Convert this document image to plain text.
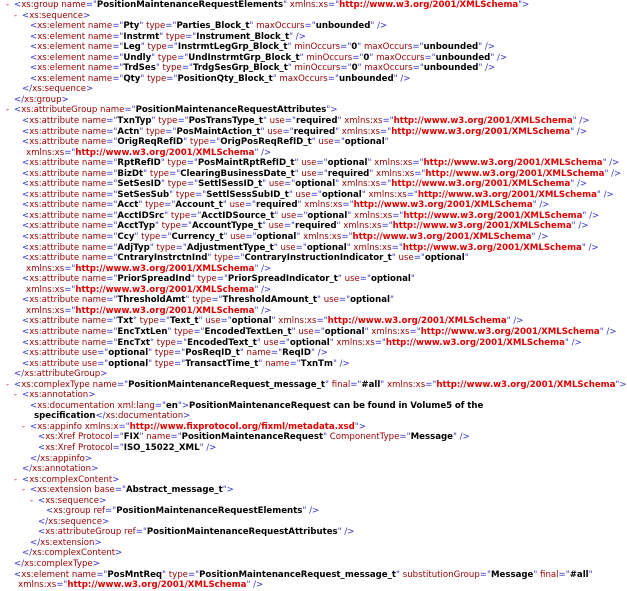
- <xs:group name="PositionMaintenanceRequestElements" xmlns:xs="http://www.w3.org/2001/XMLSchema">
- <xs:sequence>
<xs:element name="Pty" type="Parties_Block_t" maxOccurs="unbounded" />
<xs:element name="Instrmt" type="Instrument_Block_t" />
<xs:element name="Leg" type="InstrmtLegGrp_Block_t" minOccurs="0" maxOccurs="unbounded" />
<xs:element name="Undly" type="UndInstrmtGrp_Block_t" minOccurs="0" maxOccurs="unbounded" />
<xs:element name="TrdSes" type="TrdgSesGrp_Block_t" minOccurs="0" maxOccurs="unbounded" />
<xs:element name="Qty" type="PositionQty_Block_t" maxOccurs="unbounded" />
</xs:sequence>
</xs:group>
- <xs:attributeGroup name="PositionMaintenanceRequestAttributes">
<xs:attribute name="TxnTyp" type="PosTransType_t" use="required" xmlns:xs="http://www.w3.org/2001/XMLSchema" />
<xs:attribute name="Actn" type="PosMaintAction_t" use="required" xmlns:xs="http://www.w3.org/2001/XMLSchema" />
<xs:attribute name="OrigReqRefID" type="OrigPosReqRefID_t" use="optional"
xmlns:xs="http://www.w3.org/2001/XMLSchema" />
<xs:attribute name="RptRefID" type="PosMaintRptRefID_t" use="optional" xmlns:xs="http://www.w3.org/2001/XMLSchema" />
<xs:attribute name="BizDt" type="ClearingBusinessDate_t" use="required" xmlns:xs="http://www.w3.org/2001/XMLSchema" />
<xs:attribute name="SetSesID" type="SettlSessID_t" use="optional" xmlns:xs="http://www.w3.org/2001/XMLSchema" />
<xs:attribute name="SetSesSub" type="SettlSessSubID_t" use="optional" xmlns:xs="http://www.w3.org/2001/XMLSchema" />
<xs:attribute name="Acct" type="Account_t" use="required" xmlns:xs="http://www.w3.org/2001/XMLSchema" />
<xs:attribute name="AcctIDSrc" type="AcctIDSource_t" use="optional" xmlns:xs="http://www.w3.org/2001/XMLSchema" />
<xs:attribute name="AcctTyp" type="AccountType_t" use="required" xmlns:xs="http://www.w3.org/2001/XMLSchema" />
<xs:attribute name="Ccy" type="Currency_t" use="optional" xmlns:xs="http://www.w3.org/2001/XMLSchema" />
<xs:attribute name="AdjTyp" type="AdjustmentType_t" use="optional" xmlns:xs="http://www.w3.org/2001/XMLSchema" />
<xs:attribute name="CntraryInstrctnInd" type="ContraryInstructionIndicator_t" use="optional"
xmlns:xs="http://www.w3.org/2001/XMLSchema" />
<xs:attribute name="PriorSpreadInd" type="PriorSpreadIndicator_t" use="optional"
xmlns:xs="http://www.w3.org/2001/XMLSchema" />
<xs:attribute name="ThresholdAmt" type="ThresholdAmount_t" use="optional"
xmlns:xs="http://www.w3.org/2001/XMLSchema" />
<xs:attribute name="Txt" type="Text_t" use="optional" xmlns:xs="http://www.w3.org/2001/XMLSchema" />
<xs:attribute name="EncTxtLen" type="EncodedTextLen_t" use="optional" xmlns:xs="http://www.w3.org/2001/XMLSchema" />
<xs:attribute name="EncTxt" type="EncodedText_t" use="optional" xmlns:xs="http://www.w3.org/2001/XMLSchema" />
<xs:attribute use="optional" type="PosReqID_t" name="ReqID" />
<xs:attribute use="optional" type="TransactTime_t" name="TxnTm" />
</xs:attributeGroup>
- <xs:complexType name="PositionMaintenanceRequest_message_t" final="#all" xmlns:xs="http://www.w3.org/2001/XMLSchema">
- <xs:annotation>
<xs:documentation xml:lang="en">PositionMaintenanceRequest can be found in Volume5 of the
specification</xs:documentation>
- <xs:appinfo xmlns:x="http://www.fixprotocol.org/fixml/metadata.xsd">
<xs:Xref Protocol="FIX" name="PositionMaintenanceRequest" ComponentType="Message" />
<xs:Xref Protocol="ISO_15022_XML" />
</xs:appinfo>
</xs:annotation>
- <xs:complexContent>
- <xs:extension base="Abstract_message_t">
- <xs:sequence>
<xs:group ref="PositionMaintenanceRequestElements" />
</xs:sequence>
<xs:attributeGroup ref="PositionMaintenanceRequestAttributes" />
</xs:extension>
</xs:complexContent>
</xs:complexType>
<xs:element name="PosMntReq" type="PositionMaintenanceRequest_message_t" substitutionGroup="Message" final="#all"
xmlns:xs="http://www.w3.org/2001/XMLSchema" />
